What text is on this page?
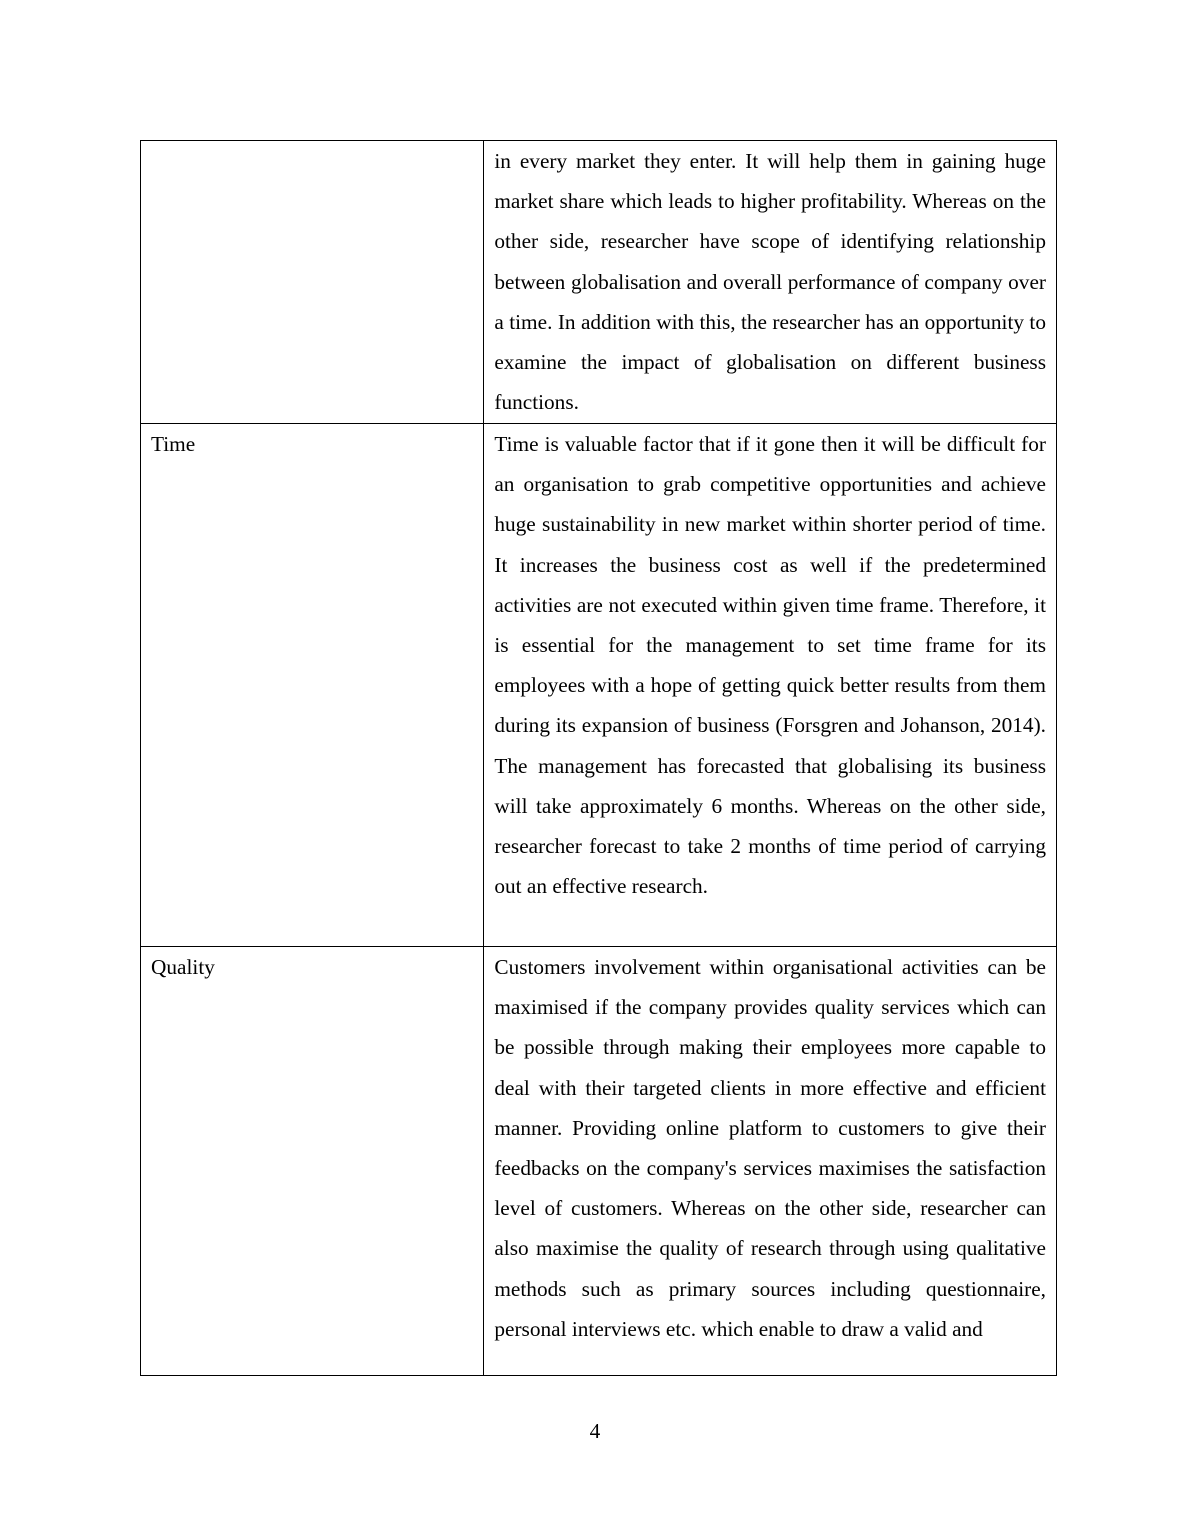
	in every market they enter. It will help them in gaining huge market share which leads to higher profitability. Whereas on the other side, researcher have scope of identifying relationship between globalisation and overall performance of company over a time. In addition with this, the researcher has an opportunity to examine the impact of globalisation on different business functions.
Time	Time is valuable factor that if it gone then it will be difficult for an organisation to grab competitive opportunities and achieve huge sustainability in new market within shorter period of time. It increases the business cost as well if the predetermined activities are not executed within given time frame. Therefore, it is essential for the management to set time frame for its employees with a hope of getting quick better results from them during its expansion of business (Forsgren and Johanson, 2014). The management has forecasted that globalising its business will take approximately 6 months. Whereas on the other side, researcher forecast to take 2 months of time period of carrying out an effective research.
Quality	Customers involvement within organisational activities can be maximised if the company provides quality services which can be possible through making their employees more capable to deal with their targeted clients in more effective and efficient manner. Providing online platform to customers to give their feedbacks on the company's services maximises the satisfaction level of customers. Whereas on the other side, researcher can also maximise the quality of research through using qualitative methods such as primary sources including questionnaire, personal interviews etc. which enable to draw a valid and
4
